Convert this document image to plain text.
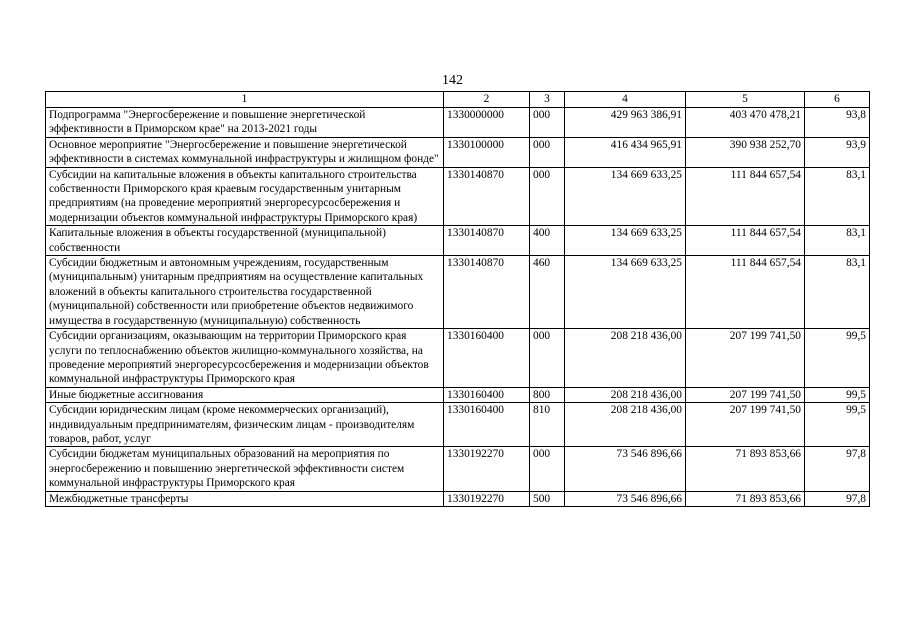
142
1	2	3	4	5	6
Подпрограмма "Энергосбережение и повышение энергетической эффективности в Приморском крае" на 2013-2021 годы	1330000000	000	429 963 386,91	403 470 478,21	93,8
Основное мероприятие "Энергосбережение и повышение энергетической эффективности в системах коммунальной инфраструктуры и жилищном фонде"	1330100000	000	416 434 965,91	390 938 252,70	93,9
Субсидии на капитальные вложения в объекты капитального строительства собственности Приморского края краевым государственным унитарным предприятиям (на проведение мероприятий энергоресурсосбережения и модернизации объектов коммунальной инфраструктуры Приморского края)	1330140870	000	134 669 633,25	111 844 657,54	83,1
Капитальные вложения в объекты государственной (муниципальной) собственности	1330140870	400	134 669 633,25	111 844 657,54	83,1
Субсидии бюджетным и автономным учреждениям, государственным (муниципальным) унитарным предприятиям на осуществление капитальных вложений в объекты капитального строительства государственной (муниципальной) собственности или приобретение объектов недвижимого имущества в государственную (муниципальную) собственность	1330140870	460	134 669 633,25	111 844 657,54	83,1
Субсидии организациям, оказывающим на территории Приморского края услуги по теплоснабжению объектов жилищно-коммунального хозяйства, на проведение мероприятий энергоресурсосбережения и модернизации объектов коммунальной инфраструктуры Приморского края	1330160400	000	208 218 436,00	207 199 741,50	99,5
Иные бюджетные ассигнования	1330160400	800	208 218 436,00	207 199 741,50	99,5
Субсидии юридическим лицам (кроме некоммерческих организаций), индивидуальным предпринимателям, физическим лицам - производителям товаров, работ, услуг	1330160400	810	208 218 436,00	207 199 741,50	99,5
Субсидии бюджетам муниципальных образований на мероприятия по энергосбережению и повышению энергетической эффективности систем коммунальной инфраструктуры Приморского края	1330192270	000	73 546 896,66	71 893 853,66	97,8
Межбюджетные трансферты	1330192270	500	73 546 896,66	71 893 853,66	97,8
